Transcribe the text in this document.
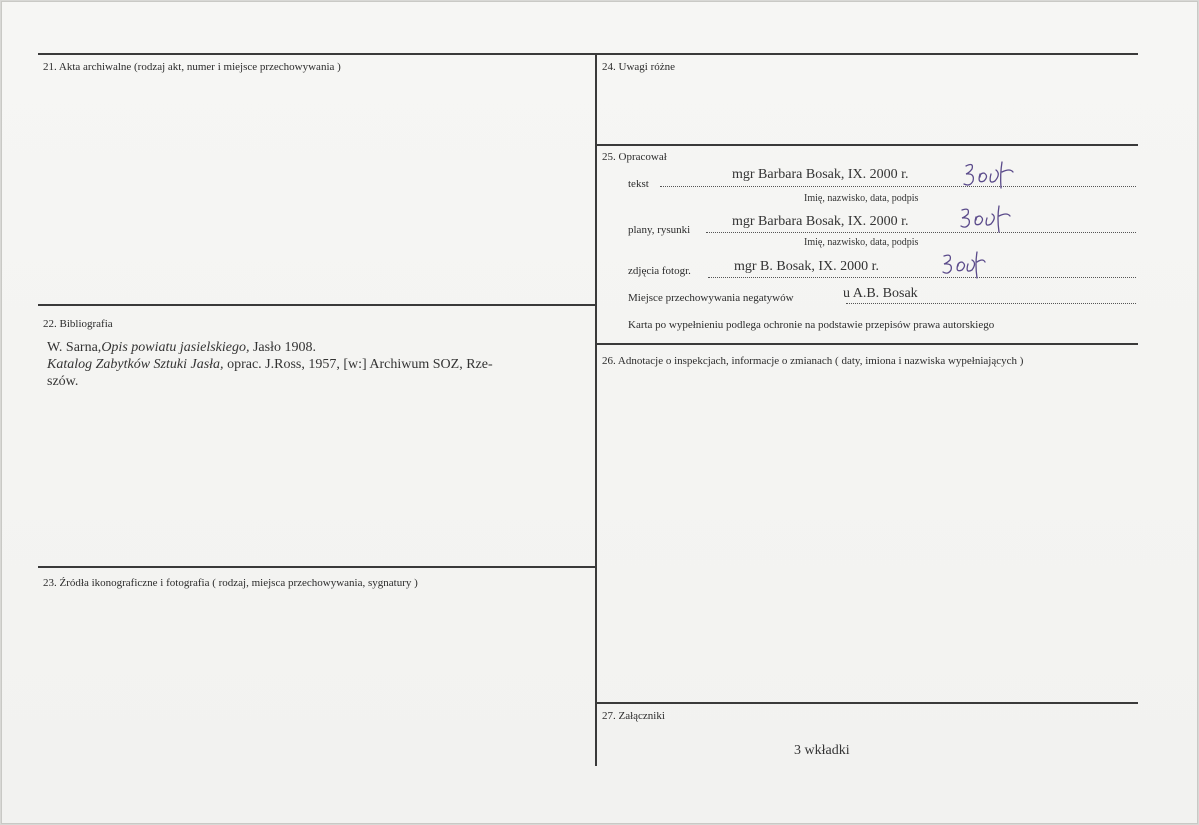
21. Akta archiwalne (rodzaj akt, numer i miejsce przechowywania )
22. Bibliografia
W. Sarna,Opis powiatu jasielskiego, Jasło 1908.
Katalog Zabytków Sztuki Jasła, oprac. J.Ross, 1957, [w:] Archiwum SOZ, Rze-
szów.
23. Źródła ikonograficzne i fotografia ( rodzaj, miejsca przechowywania, sygnatury )
24. Uwagi różne
25. Opracował
tekst
mgr Barbara Bosak, IX. 2000 r.
Imię, nazwisko, data, podpis
plany, rysunki
mgr Barbara Bosak, IX. 2000 r.
Imię, nazwisko, data, podpis
zdjęcia fotogr.	mgr B. Bosak, IX. 2000 r.
Miejsce przechowywania negatywów	u A.B. Bosak
Karta po wypełnieniu podlega ochronie na podstawie przepisów prawa autorskiego
26. Adnotacje o inspekcjach, informacje o zmianach ( daty, imiona i nazwiska wypełniających )
27. Załączniki
3 wkładki
